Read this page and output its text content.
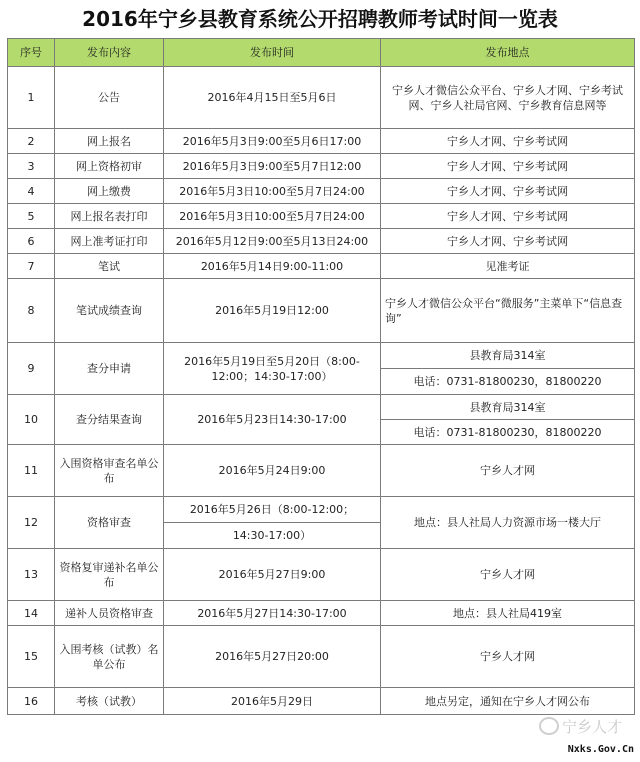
2016年宁乡县教育系统公开招聘教师考试时间一览表
序号	发布内容	发布时间	发布地点
1	公告	2016年4月15日至5月6日	宁乡人才微信公众平台、宁乡人才网、宁乡考试网、宁乡人社局官网、宁乡教育信息网等
2	网上报名	2016年5月3日9:00至5月6日17:00	宁乡人才网、宁乡考试网
3	网上资格初审	2016年5月3日9:00至5月7日12:00	宁乡人才网、宁乡考试网
4	网上缴费	2016年5月3日10:00至5月7日24:00	宁乡人才网、宁乡考试网
5	网上报名表打印	2016年5月3日10:00至5月7日24:00	宁乡人才网、宁乡考试网
6	网上准考证打印	2016年5月12日9:00至5月13日24:00	宁乡人才网、宁乡考试网
7	笔试	2016年5月14日9:00-11:00	见准考证
8	笔试成绩查询	2016年5月19日12:00	宁乡人才微信公众平台“微服务”主菜单下“信息查询”
9	查分申请	2016年5月19日至5月20日（8:00-12:00；14:30-17:00）	县教育局314室
			电话：0731-81800230，81800220
10	查分结果查询	2016年5月23日14:30-17:00	县教育局314室
			电话：0731-81800230，81800220
11	入围资格审查名单公布	2016年5月24日9:00	宁乡人才网
12	资格审查	2016年5月26日（8:00-12:00；	地点：县人社局人力资源市场一楼大厅
		14:30-17:00）	
13	资格复审递补名单公布	2016年5月27日9:00	宁乡人才网
14	递补人员资格审查	2016年5月27日14:30-17:00	地点：县人社局419室
15	入围考核（试教）名单公布	2016年5月27日20:00	宁乡人才网
16	考核（试教）	2016年5月29日	地点另定，通知在宁乡人才网公布
宁乡人才
Nxks.Gov.Cn
